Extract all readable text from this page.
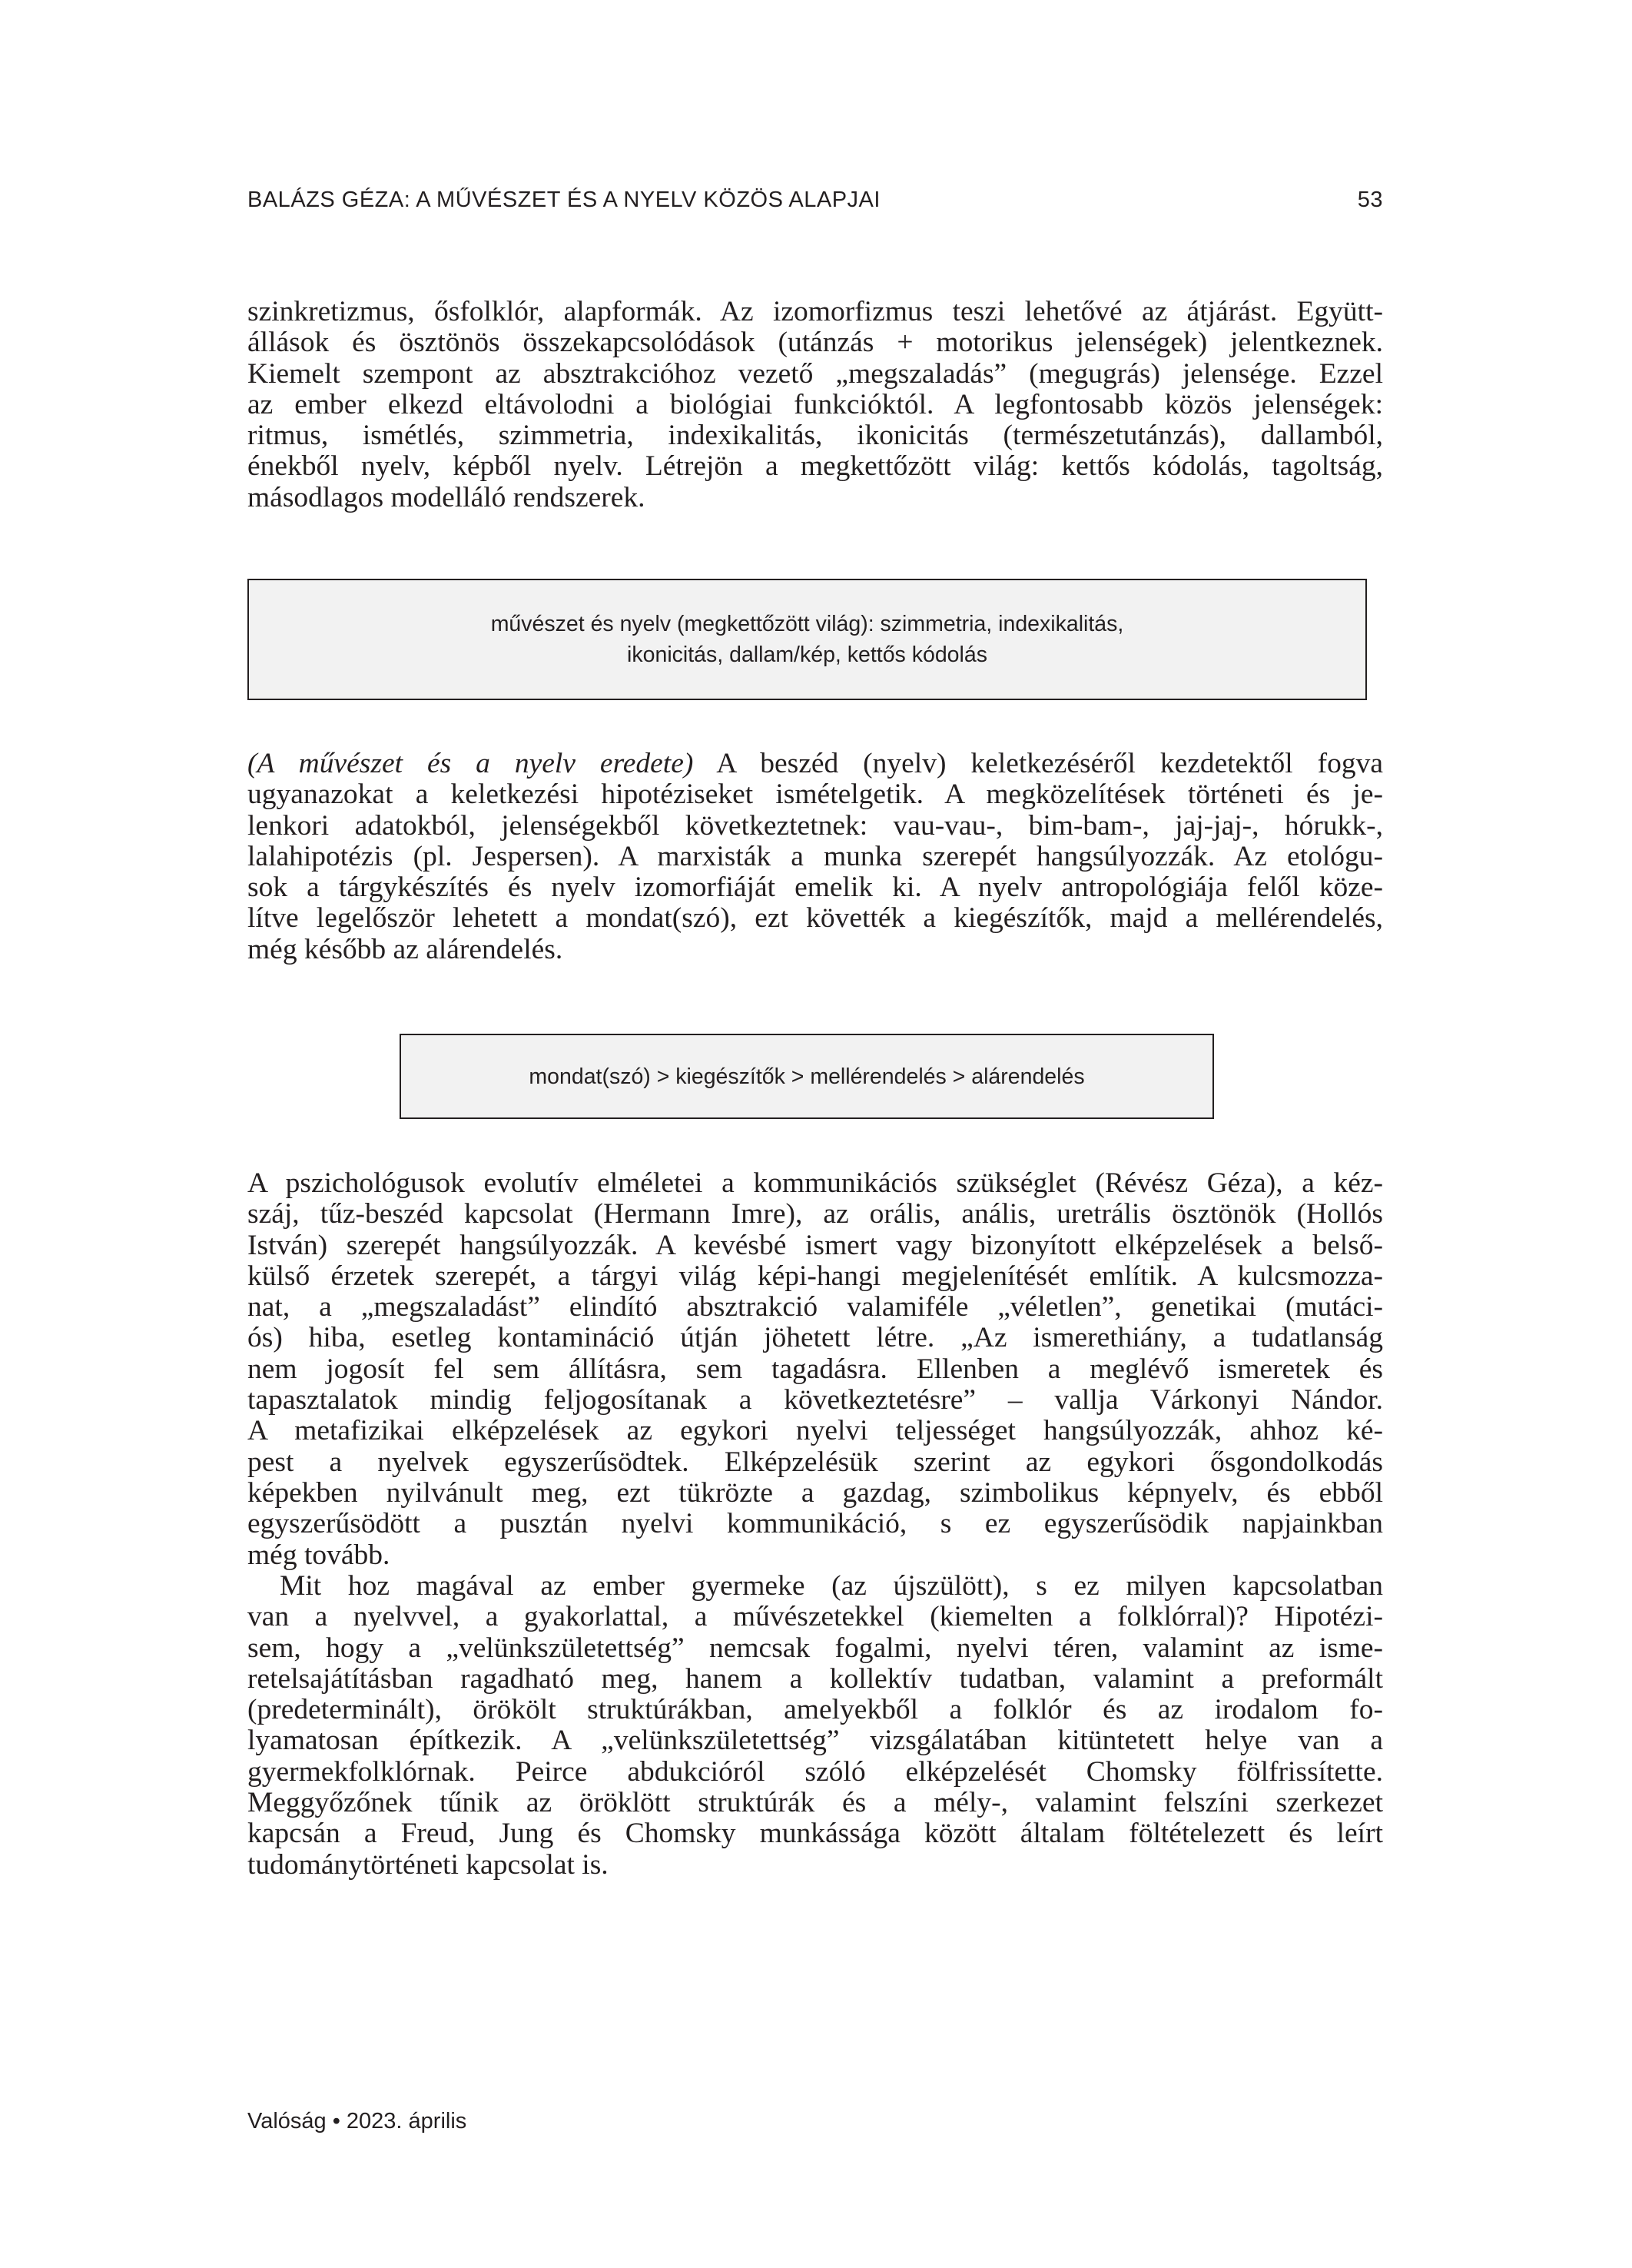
BALÁZS GÉZA: A MŰVÉSZET ÉS A NYELV KÖZÖS ALAPJAI	53
szinkretizmus, ősfolklór, alapformák. Az izomorfizmus teszi lehetővé az átjárást. Együtt-
állások és ösztönös összekapcsolódások (utánzás + motorikus jelenségek) jelentkeznek.
Kiemelt szempont az absztrakcióhoz vezető „megszaladás” (megugrás) jelensége. Ezzel
az ember elkezd eltávolodni a biológiai funkcióktól. A legfontosabb közös jelenségek:
ritmus, ismétlés, szimmetria, indexikalitás, ikonicitás (természetutánzás), dallamból,
énekből nyelv, képből nyelv. Létrejön a megkettőzött világ: kettős kódolás, tagoltság,
másodlagos modelláló rendszerek.
művészet és nyelv (megkettőzött világ): szimmetria, indexikalitás,
ikonicitás, dallam/kép, kettős kódolás
(A művészet és a nyelv eredete) A beszéd (nyelv) keletkezéséről kezdetektől fogva
ugyanazokat a keletkezési hipotéziseket ismételgetik. A megközelítések történeti és je-
lenkori adatokból, jelenségekből következtetnek: vau-vau-, bim-bam-, jaj-jaj-, hórukk-,
lalahipotézis (pl. Jespersen). A marxisták a munka szerepét hangsúlyozzák. Az etológu-
sok a tárgykészítés és nyelv izomorfiáját emelik ki. A nyelv antropológiája felől köze-
lítve legelőször lehetett a mondat(szó), ezt követték a kiegészítők, majd a mellérendelés,
még később az alárendelés.
mondat(szó) > kiegészítők > mellérendelés > alárendelés
A pszichológusok evolutív elméletei a kommunikációs szükséglet (Révész Géza), a kéz-
száj, tűz-beszéd kapcsolat (Hermann Imre), az orális, anális, uretrális ösztönök (Hollós
István) szerepét hangsúlyozzák. A kevésbé ismert vagy bizonyított elképzelések a belső-
külső érzetek szerepét, a tárgyi világ képi-hangi megjelenítését említik. A kulcsmozza-
nat, a „megszaladást” elindító absztrakció valamiféle „véletlen”, genetikai (mutáci-
ós) hiba, esetleg kontamináció útján jöhetett létre. „Az ismerethiány, a tudatlanság
nem jogosít fel sem állításra, sem tagadásra. Ellenben a meglévő ismeretek és
tapasztalatok mindig feljogosítanak a következtetésre” – vallja Várkonyi Nándor.
A metafizikai elképzelések az egykori nyelvi teljességet hangsúlyozzák, ahhoz ké-
pest a nyelvek egyszerűsödtek. Elképzelésük szerint az egykori ősgondolkodás
képekben nyilvánult meg, ezt tükrözte a gazdag, szimbolikus képnyelv, és ebből
egyszerűsödött a pusztán nyelvi kommunikáció, s ez egyszerűsödik napjainkban
még tovább.
Mit hoz magával az ember gyermeke (az újszülött), s ez milyen kapcsolatban
van a nyelvvel, a gyakorlattal, a művészetekkel (kiemelten a folklórral)? Hipotézi-
sem, hogy a „velünkszületettség” nemcsak fogalmi, nyelvi téren, valamint az isme-
retelsajátításban ragadható meg, hanem a kollektív tudatban, valamint a preformált
(predeterminált), örökölt struktúrákban, amelyekből a folklór és az irodalom fo-
lyamatosan építkezik. A „velünkszületettség” vizsgálatában kitüntetett helye van a
gyermekfolklórnak. Peirce abdukcióról szóló elképzelését Chomsky fölfrissítette.
Meggyőzőnek tűnik az öröklött struktúrák és a mély-, valamint felszíni szerkezet
kapcsán a Freud, Jung és Chomsky munkássága között általam föltételezett és leírt
tudománytörténeti kapcsolat is.
Valóság • 2023. április
